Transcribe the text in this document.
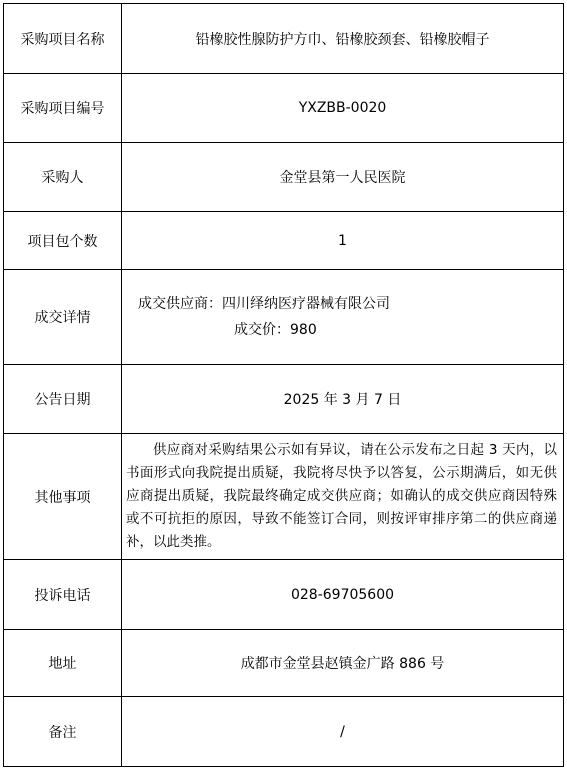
采购项目名称	铅橡胶性腺防护方巾、铅橡胶颈套、铅橡胶帽子
采购项目编号	YXZBB-0020
采购人	金堂县第一人民医院
项目包个数	1
成交详情	成交供应商：四川绎纳医疗器械有限公司
成交价：980

公告日期	2025 年 3 月 7 日
其他事项	供应商对采购结果公示如有异议，请在公示发布之日起 3 天内，以书面形式向我院提出质疑，我院将尽快予以答复，公示期满后，如无供应商提出质疑，我院最终确定成交供应商；如确认的成交供应商因特殊或不可抗拒的原因，导致不能签订合同，则按评审排序第二的供应商递补，以此类推。

投诉电话	028-69705600
地址	成都市金堂县赵镇金广路 886 号
备注	/
